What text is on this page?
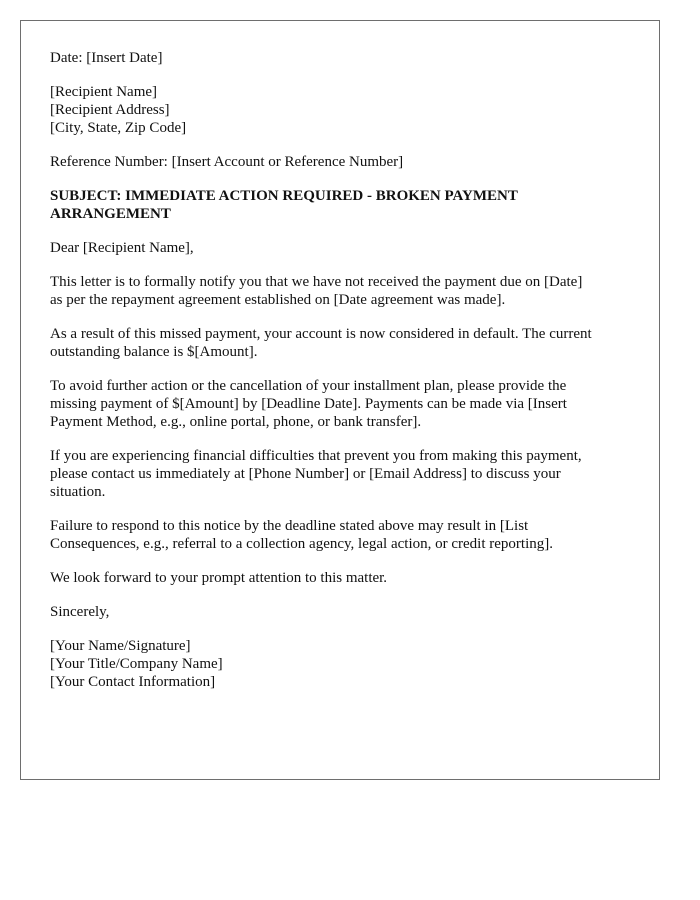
Date: [Insert Date]
[Recipient Name]
[Recipient Address]
[City, State, Zip Code]
Reference Number: [Insert Account or Reference Number]
SUBJECT: IMMEDIATE ACTION REQUIRED - BROKEN PAYMENT
ARRANGEMENT
Dear [Recipient Name],
This letter is to formally notify you that we have not received the payment due on [Date]
as per the repayment agreement established on [Date agreement was made].
As a result of this missed payment, your account is now considered in default. The current
outstanding balance is $[Amount].
To avoid further action or the cancellation of your installment plan, please provide the
missing payment of $[Amount] by [Deadline Date]. Payments can be made via [Insert
Payment Method, e.g., online portal, phone, or bank transfer].
If you are experiencing financial difficulties that prevent you from making this payment,
please contact us immediately at [Phone Number] or [Email Address] to discuss your
situation.
Failure to respond to this notice by the deadline stated above may result in [List
Consequences, e.g., referral to a collection agency, legal action, or credit reporting].
We look forward to your prompt attention to this matter.
Sincerely,
[Your Name/Signature]
[Your Title/Company Name]
[Your Contact Information]
